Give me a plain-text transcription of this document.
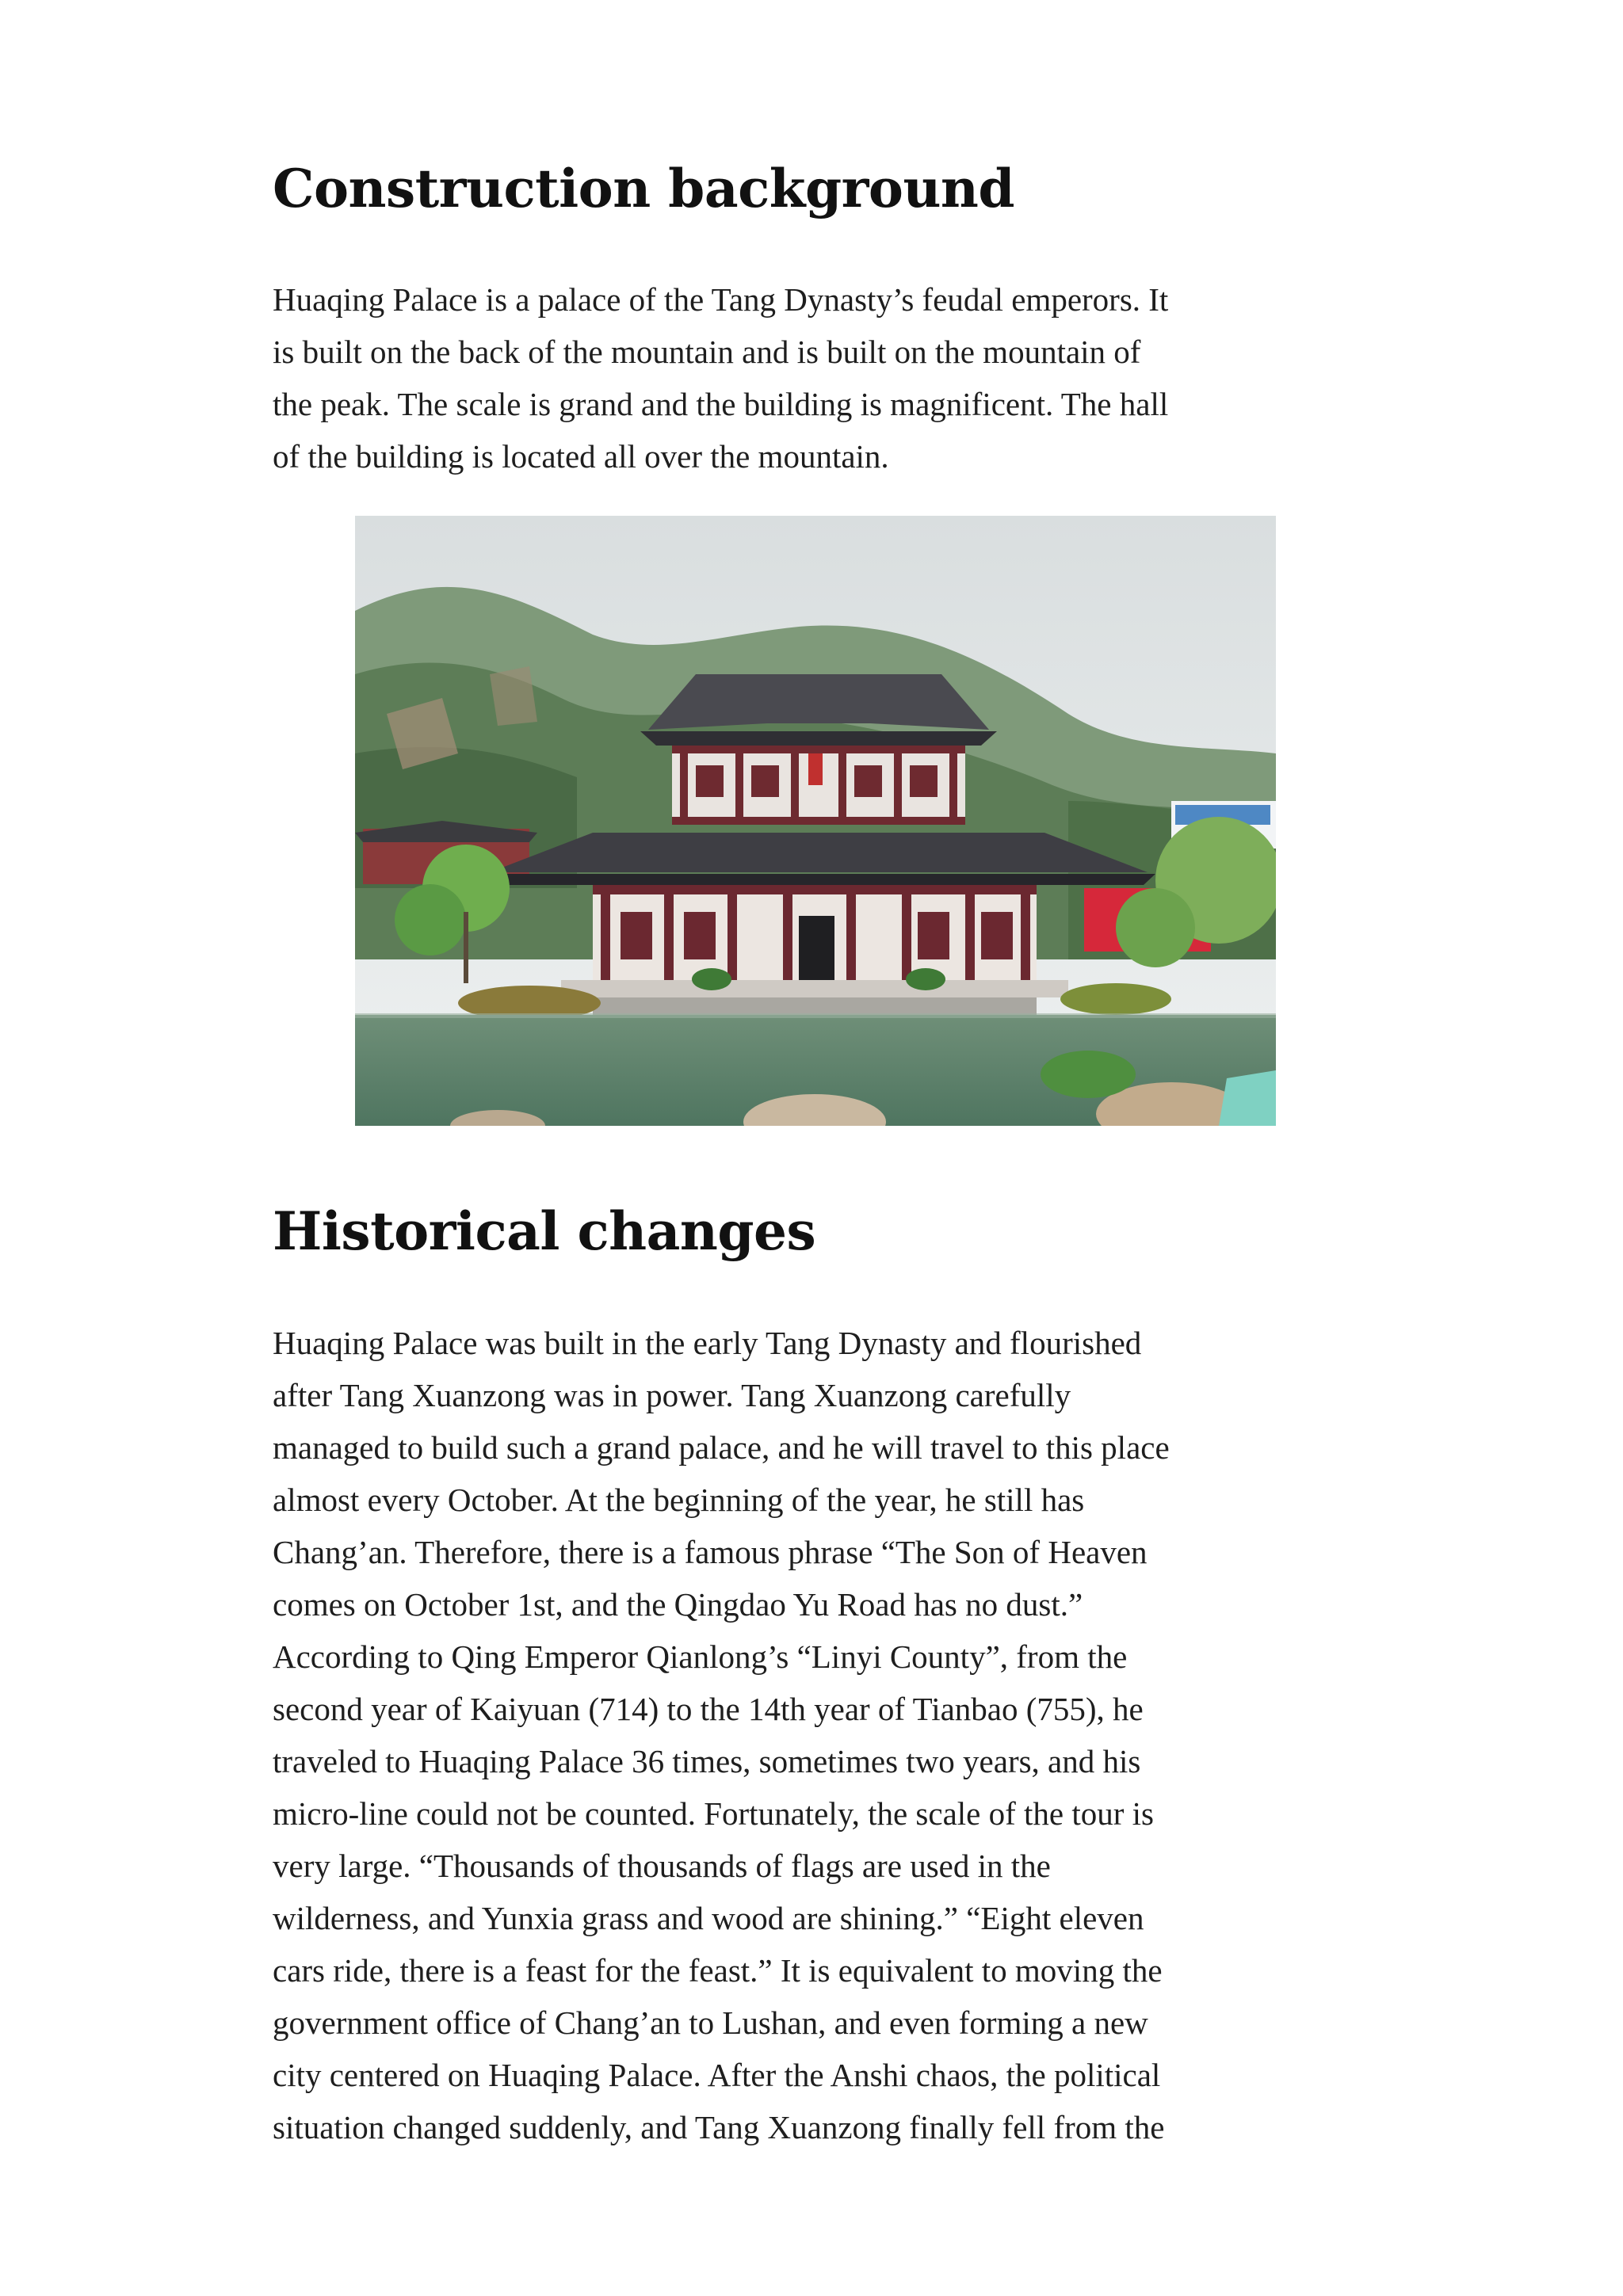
Construction background
Huaqing Palace is a palace of the Tang Dynasty’s feudal emperors. It
is built on the back of the mountain and is built on the mountain of
the peak. The scale is grand and the building is magnificent. The hall
of the building is located all over the mountain.
Historical changes
Huaqing Palace was built in the early Tang Dynasty and flourished
after Tang Xuanzong was in power. Tang Xuanzong carefully
managed to build such a grand palace, and he will travel to this place
almost every October. At the beginning of the year, he still has
Chang’an. Therefore, there is a famous phrase “The Son of Heaven
comes on October 1st, and the Qingdao Yu Road has no dust.”
According to Qing Emperor Qianlong’s “Linyi County”, from the
second year of Kaiyuan (714) to the 14th year of Tianbao (755), he
traveled to Huaqing Palace 36 times, sometimes two years, and his
micro-line could not be counted. Fortunately, the scale of the tour is
very large. “Thousands of thousands of flags are used in the
wilderness, and Yunxia grass and wood are shining.” “Eight eleven
cars ride, there is a feast for the feast.” It is equivalent to moving the
government office of Chang’an to Lushan, and even forming a new
city centered on Huaqing Palace. After the Anshi chaos, the political
situation changed suddenly, and Tang Xuanzong finally fell from the
